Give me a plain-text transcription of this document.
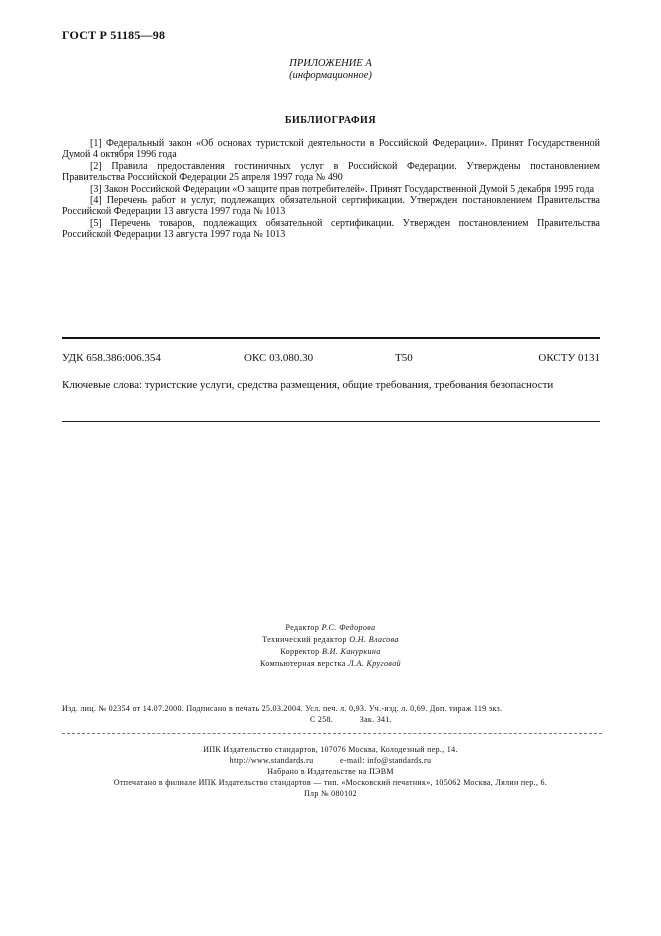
ГОСТ Р 51185—98
ПРИЛОЖЕНИЕ А
(информационное)
БИБЛИОГРАФИЯ

[1] Федеральный закон «Об основах туристской деятельности в Российской Федерации». Принят Государственной Думой 4 октября 1996 года

[2] Правила предоставления гостиничных услуг в Российской Федерации. Утверждены постановлением Правительства Российской Федерации 25 апреля 1997 года № 490

[3] Закон Российской Федерации «О защите прав потребителей». Принят Государственной Думой 5 декабря 1995 года

[4] Перечень работ и услуг, подлежащих обязательной сертификации. Утвержден постановлением Правительства Российской Федерации 13 августа 1997 года № 1013

[5] Перечень товаров, подлежащих обязательной сертификации. Утвержден постановлением Правительства Российской Федерации 13 августа 1997 года № 1013

УДК 658.386:006.354	ОКС 03.080.30	Т50	ОКСТУ 0131
Ключевые слова: туристские услуги, средства размещения, общие требования, требования безопасности
Редактор Р.С. Федорова
Технический редактор О.Н. Власова
Корректор В.И. Кануркина
Компьютерная верстка Л.А. Круговой
Изд. лиц. № 02354 от 14.07.2000. Подписано в печать 25.03.2004. Усл. печ. л. 0,93. Уч.-изд. л. 0,69. Доп. тираж 119 экз.
С 258.	Зак. 341.
ИПК Издательство стандартов, 107076 Москва, Колодезный пер., 14.
http://www.standards.ru	e-mail: info@standards.ru
Набрано в Издательстве на ПЭВМ
Отпечатано в филиале ИПК Издательство стандартов — тип. «Московский печатник», 105062 Москва, Лялин пер., 6.
Плр № 080102
